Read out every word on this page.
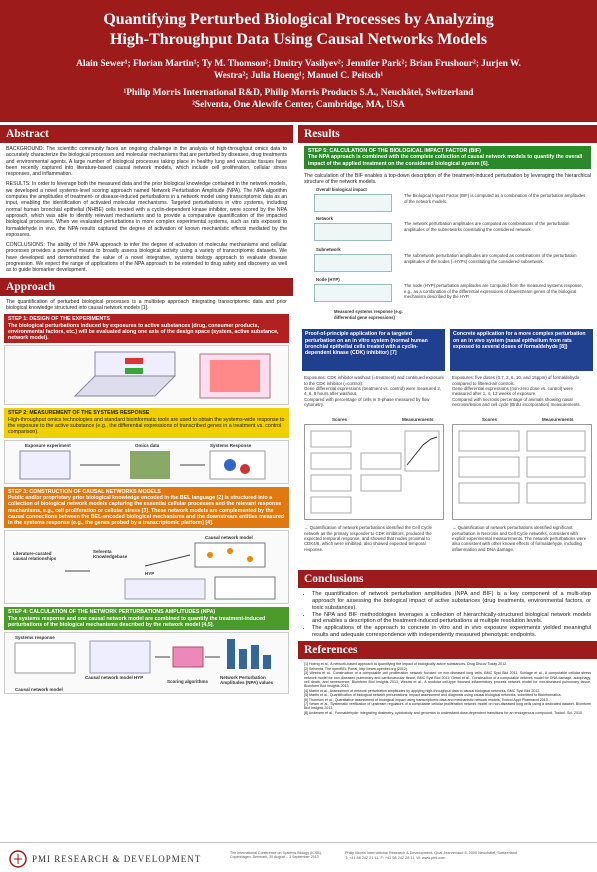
Quantifying Perturbed Biological Processes by Analyzing
High-Throughput Data Using Causal Networks Models
Alain Sewer¹; Florian Martin¹; Ty M. Thomson²; Dmitry Vasilyev²; Jennifer Park²; Brian Frushour²; Jurjen W. Westra²; Julia Hoeng¹; Manuel C. Peitsch¹
¹Philip Morris International R&D, Philip Morris Products S.A., Neuchâtel, Switzerland
²Selventa, One Alewife Center, Cambridge, MA, USA
Abstract

BACKGROUND: The scientific community faces an ongoing challenge in the analysis of high-throughput omics data to accurately characterize the biological processes and molecular mechanisms that are perturbed by diseases, drug treatments and environmental agents. A large number of biological processes taking place in healthy lung and vascular tissues have been recently captured into literature-based causal network models, which include cell proliferation, cellular stress responses, and inflammation.

RESULTS: In order to leverage both the measured data and the prior biological knowledge contained in the network models, we developed a novel systems-level scoring approach named Network Perturbation Amplitude (NPA). The NPA algorithm computes the amplitudes of treatment- or disease-induced perturbations in a network model using transcriptomic data as an input, enabling the identification of activated molecular mechanisms. Targeted perturbations in vitro systems, including normal human bronchial epithelial (NHBE) cells treated with a cyclin-dependent kinase inhibitor, were scored by the NPA approach, which was able to identify relevant mechanisms and to provide a comparative quantification of the impacted biological processes. When we evaluated perturbations in more complex experimental systems, such as rats exposed to formaldehyde in vivo, the NPA results captured the degree of activation of known mechanistic effects mediated by the exposures.

CONCLUSIONS: The ability of the NPA approach to infer the degree of activation of molecular mechanisms and cellular processes provides a powerful means to broadly assess biological activity using a variety of transcriptomic datasets. We have developed and demonstrated the value of a novel integrative, systems biology approach to evaluate disease progression. We expect the range of applications of the NPA approach to be extended to drug safety and discovery as well as to guide biomarker development.

Approach
The quantification of perturbed biological processes is a multistep approach integrating transcriptomic data and prior biological knowledge structured into causal network models [1].
STEP 1: DESIGN OF THE EXPERIMENTS
The biological perturbations induced by exposures to active substances (drug, consumer products, environmental factors, etc.) will be evaluated along one axis of the design space (system, active substance, network model).
STEP 2: MEASUREMENT OF THE SYSTEMS RESPONSE
High-throughput omics technologies and standard bioinformatic tools are used to obtain the systems-wide response to the exposure to the active substance (e.g., the differential expressions of transcribed genes in a treatment vs. control comparison).
Exposure experiment	Omics data	Systems Response
STEP 3: CONSTRUCTION OF CAUSAL NETWORKS MODELS
Public and/or proprietary prior biological knowledge encoded in the BEL language [2] is structured into a collection of biological network models capturing the essential cellular processes and the relevant response mechanisms, e.g., cell proliferation or cellular stress [3]. These network models are complemented by the causal connections between the BEL-encoded biological mechanisms and the downstream entities measured in the systems response (e.g., the genes probed by a transcriptomic platform) [4].
Literature-curated causal relationships
Selventa Knowledgebase
Causal network model
HYP
STEP 4: CALCULATION OF THE NETWORK PERTURBATIONS AMPLITUDES (NPA)
The systems response and one causal network model are combined to quantify the treatment-induced perturbations of the biological mechanisms described by the network model [4,5].
Systems response
Causal network model HYP
Scoring algorithms
Network Perturbation Amplitudes (NPA) values
Causal network model
Results
STEP 5: CALCULATION OF THE BIOLOGICAL IMPACT FACTOR (BIF)
The NPA approach is combined with the complete collection of causal network models to quantify the overall impact of the applied treatment on the considered biological system [6].
The calculation of the BIF enables a top-down description of the treatment-induced perturbation by leveraging the hierarchical structure of the network models.
Overall biological impact
The Biological Impact Factor (BIF) is computed as a combination of the perturbation amplitudes of the network models.
Network
The network perturbation amplitudes are computed as combinations of the perturbation amplitudes of the subnetworks constituting the considered network.
Subnetwork
The subnetwork perturbation amplitudes are computed as combinations of the perturbation amplitudes of the nodes (=HYPs) constituting the considered subnetwork.
Node (HYP)
The node (HYP) perturbation amplitudes are computed from the measured systems response, e.g., as a combination of the differential expressions of downstream genes of the biological mechanism described by the HYP.
Measured systems response (e.g. differential gene expressions)
Proof-of-principle application for a targeted perturbation on an in vitro system (normal human bronchial epithelial cells treated with a cyclin-dependent kinase (CDK) inhibitor) [7]
Concrete application for a more complex perturbation on an in vivo system (nasal epithelium from rats exposed to several doses of formaldehyde [8])
Exposures: CDK inhibitor washout (=treatment) and continued exposure to the CDK inhibitor (=control).
Gene differential expressions (treatment vs. control) were measured 2, 4, 6, 8 hours after washout.
Compared with percentage of cells in S-phase measured by flow cytometry.
Exposures: five doses (0.7, 2, 6, 10, and 15ppm) of formaldehyde compared to filtered-air controls.
Gene differential expressions (non-zero dose vs. control) were measured after 1, 4, 13 weeks of exposure.
Compared with necrosis percentage of animals showing nasal necrosis/lesion and cell cycle (BrdU incorporation) measurements.
Scores	Measurements	Scores	Measurements
→ Quantification of network perturbations identified the Cell Cycle network as the primary responder to CDK inhibitors, produced the expected temporal response, and showed that nodes proximal to CDK4/6, which were inhibited, also showed expected temporal response.
→ Quantification of network perturbations identified significant perturbation in Necrosis and Cell Cycle networks, consistent with explicit experimental measurements. The network perturbations were also consistent with other known effects of formaldehyde, including inflammation and DNA damage.
Conclusions
• The quantification of network perturbation amplitudes (NPA and BIF) is a key component of a multi-step approach for assessing the biological impact of active substances (drug treatments, environmental factors, or toxic substances).
• The NPA and BIF methodologies leverages a collection of hierarchically-structured biological network models and enables a description of the treatment-induced perturbations at multiple resolution levels.
• The applications of the approach to concrete in vitro and in vivo exposure experiments yielded meaningful results and adequate correspondence with independently measured phenotypic endpoints.
References
[1] Hoeng et al., A network-based approach to quantifying the impact of biologically active substances, Drug Discov Today 2012.
[2] Selventa, The openBEL Portal, http://www.openbel.org (2012).
[3] Westra et al., Construction of a computable cell proliferation network focused on non-diseased lung cells, BMC Syst Biol 2011; Schlage et al., A computable cellular stress network model for non-diseased pulmonary and cardiovascular tissue, BMC Syst Biol 2011; Gebel et al., Construction of a computable network model for DNA damage, autophagy, cell death, and senescence, Bioinform Biol Insights 2013; Westra et al., A modular cell-type focused inflammatory process network model for non-diseased pulmonary tissue, Bioinform Biol Insights 2013.
[4] Martin et al., Assessment of network perturbation amplitudes by applying high-throughput data to causal biological networks, BMC Syst Biol 2012.
[5] Martin et al., Quantification of biological network perturbations: impact assessment and diagnosis using causal biological networks, submitted to Bioinformatics.
[6] Thomson et al., Quantitative assessment of biological impact using transcriptomic data and mechanistic network models, Toxicol Appl Pharmacol 2013.
[7] Sewer et al., Systematic verification of upstream regulators of a computable cellular proliferation network model on non-diseased lung cells using a dedicated dataset, Bioinform Biol Insights 2013.
[8] Andersen et al., Formaldehyde: integrating dosimetry, cytotoxicity and genomics to understand dose-dependent transitions for an endogenous compound, Toxicol. Sci. 2010.
PMI RESEARCH & DEVELOPMENT
The International Conference on Systems Biology (ICSB), Copenhagen, Denmark, 30 August – 3 September 2013
Philip Morris International Research & Development, Quai Jeanrenaud 5, 2000 Neuchâtel, Switzerland
T: +41 58 242 21 11, F: +41 58 242 28 11, W: www.pmi.com
